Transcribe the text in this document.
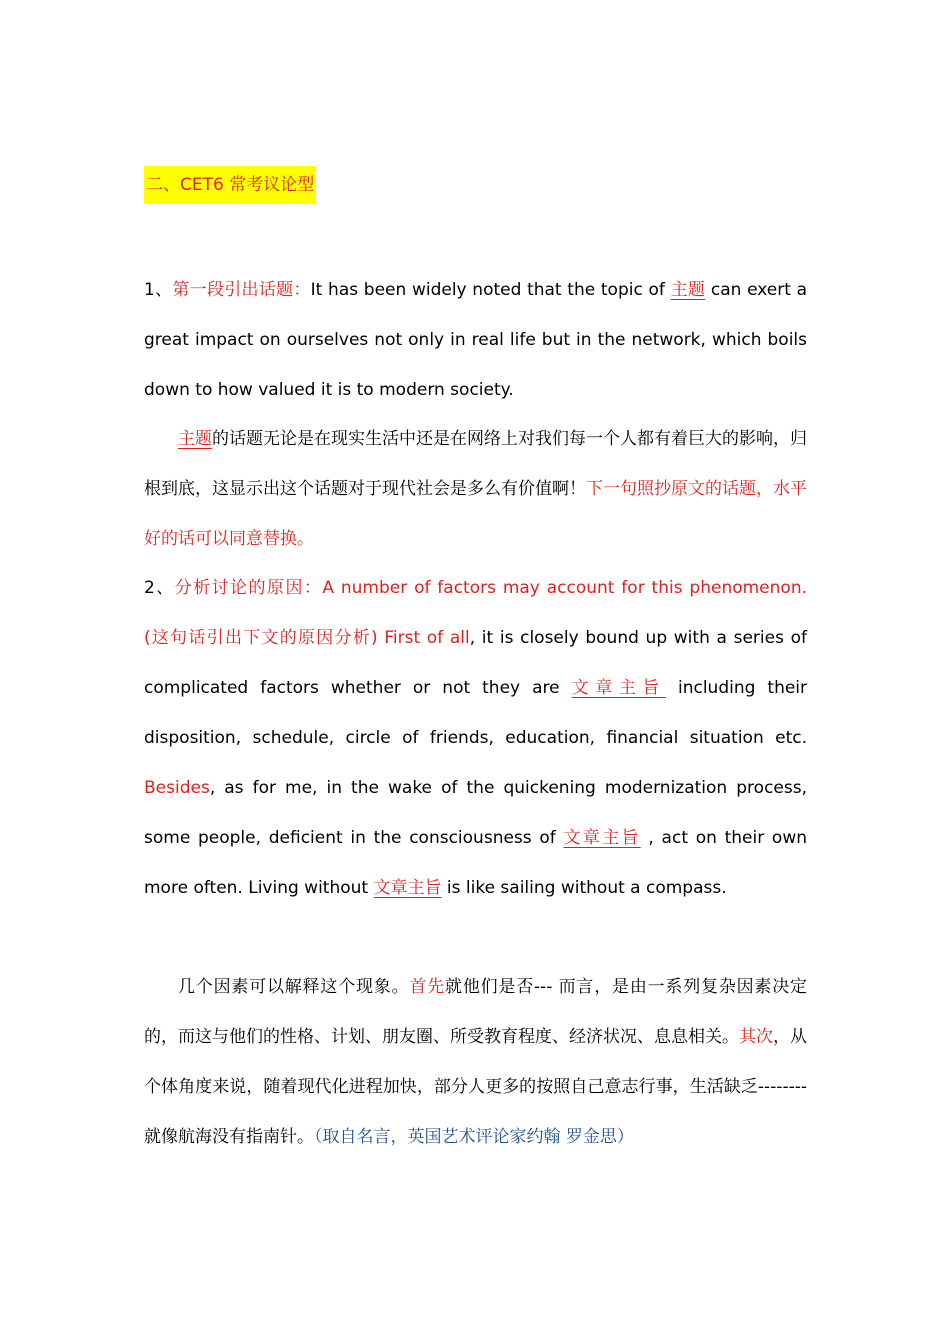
二、CET6 常考议论型
1、第一段引出话题：It has been widely noted that the topic of 主题 can exert a great impact on ourselves not only in real life but in the network, which boils down to how valued it is to modern society.
主题的话题无论是在现实生活中还是在网络上对我们每一个人都有着巨大的影响，归根到底，这显示出这个话题对于现代社会是多么有价值啊！下一句照抄原文的话题，水平好的话可以同意替换。
2、分析讨论的原因：A number of factors may account for this phenomenon. (这句话引出下文的原因分析) First of all, it is closely bound up with a series of complicated factors whether or not they are 文章主旨 including their disposition, schedule, circle of friends, education, financial situation etc. Besides, as for me, in the wake of the quickening modernization process, some people, deficient in the consciousness of 文章主旨 , act on their own more often. Living without 文章主旨 is like sailing without a compass.
几个因素可以解释这个现象。首先就他们是否--- 而言，是由一系列复杂因素决定的，而这与他们的性格、计划、朋友圈、所受教育程度、经济状况、息息相关。其次，从个体角度来说，随着现代化进程加快，部分人更多的按照自己意志行事，生活缺乏-------- 就像航海没有指南针。（取自名言，英国艺术评论家约翰 罗金思）
